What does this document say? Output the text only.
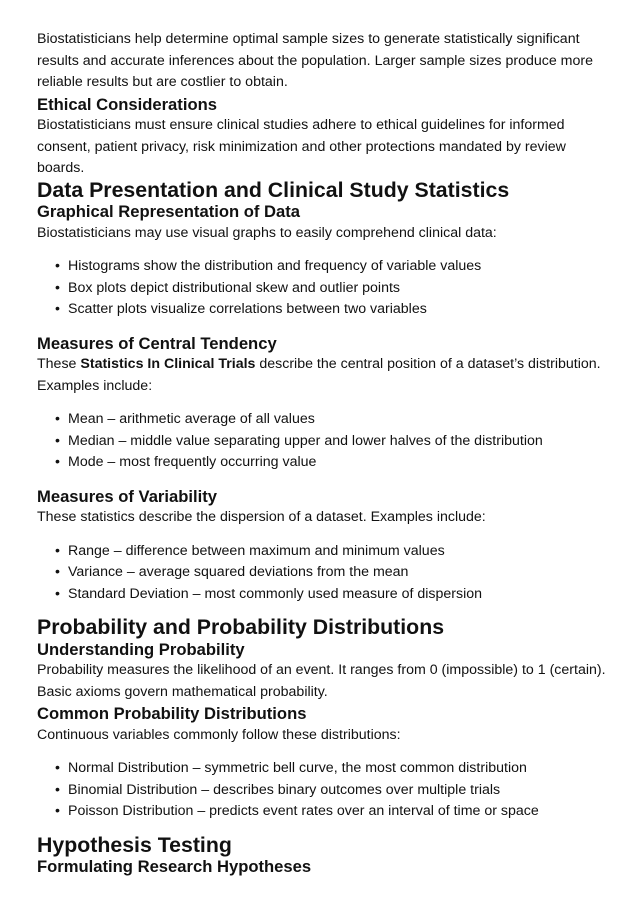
Biostatisticians help determine optimal sample sizes to generate statistically significant results and accurate inferences about the population. Larger sample sizes produce more reliable results but are costlier to obtain.

Ethical Considerations

Biostatisticians must ensure clinical studies adhere to ethical guidelines for informed consent, patient privacy, risk minimization and other protections mandated by review boards.

Data Presentation and Clinical Study Statistics
Graphical Representation of Data

Biostatisticians may use visual graphs to easily comprehend clinical data:

• Histograms show the distribution and frequency of variable values
• Box plots depict distributional skew and outlier points
• Scatter plots visualize correlations between two variables
Measures of Central Tendency

These Statistics In Clinical Trials describe the central position of a dataset’s distribution. Examples include:

• Mean – arithmetic average of all values
• Median – middle value separating upper and lower halves of the distribution
• Mode – most frequently occurring value
Measures of Variability

These statistics describe the dispersion of a dataset. Examples include:

• Range – difference between maximum and minimum values
• Variance – average squared deviations from the mean
• Standard Deviation – most commonly used measure of dispersion
Probability and Probability Distributions
Understanding Probability

Probability measures the likelihood of an event. It ranges from 0 (impossible) to 1 (certain). Basic axioms govern mathematical probability.

Common Probability Distributions

Continuous variables commonly follow these distributions:

• Normal Distribution – symmetric bell curve, the most common distribution
• Binomial Distribution – describes binary outcomes over multiple trials
• Poisson Distribution – predicts event rates over an interval of time or space
Hypothesis Testing
Formulating Research Hypotheses
